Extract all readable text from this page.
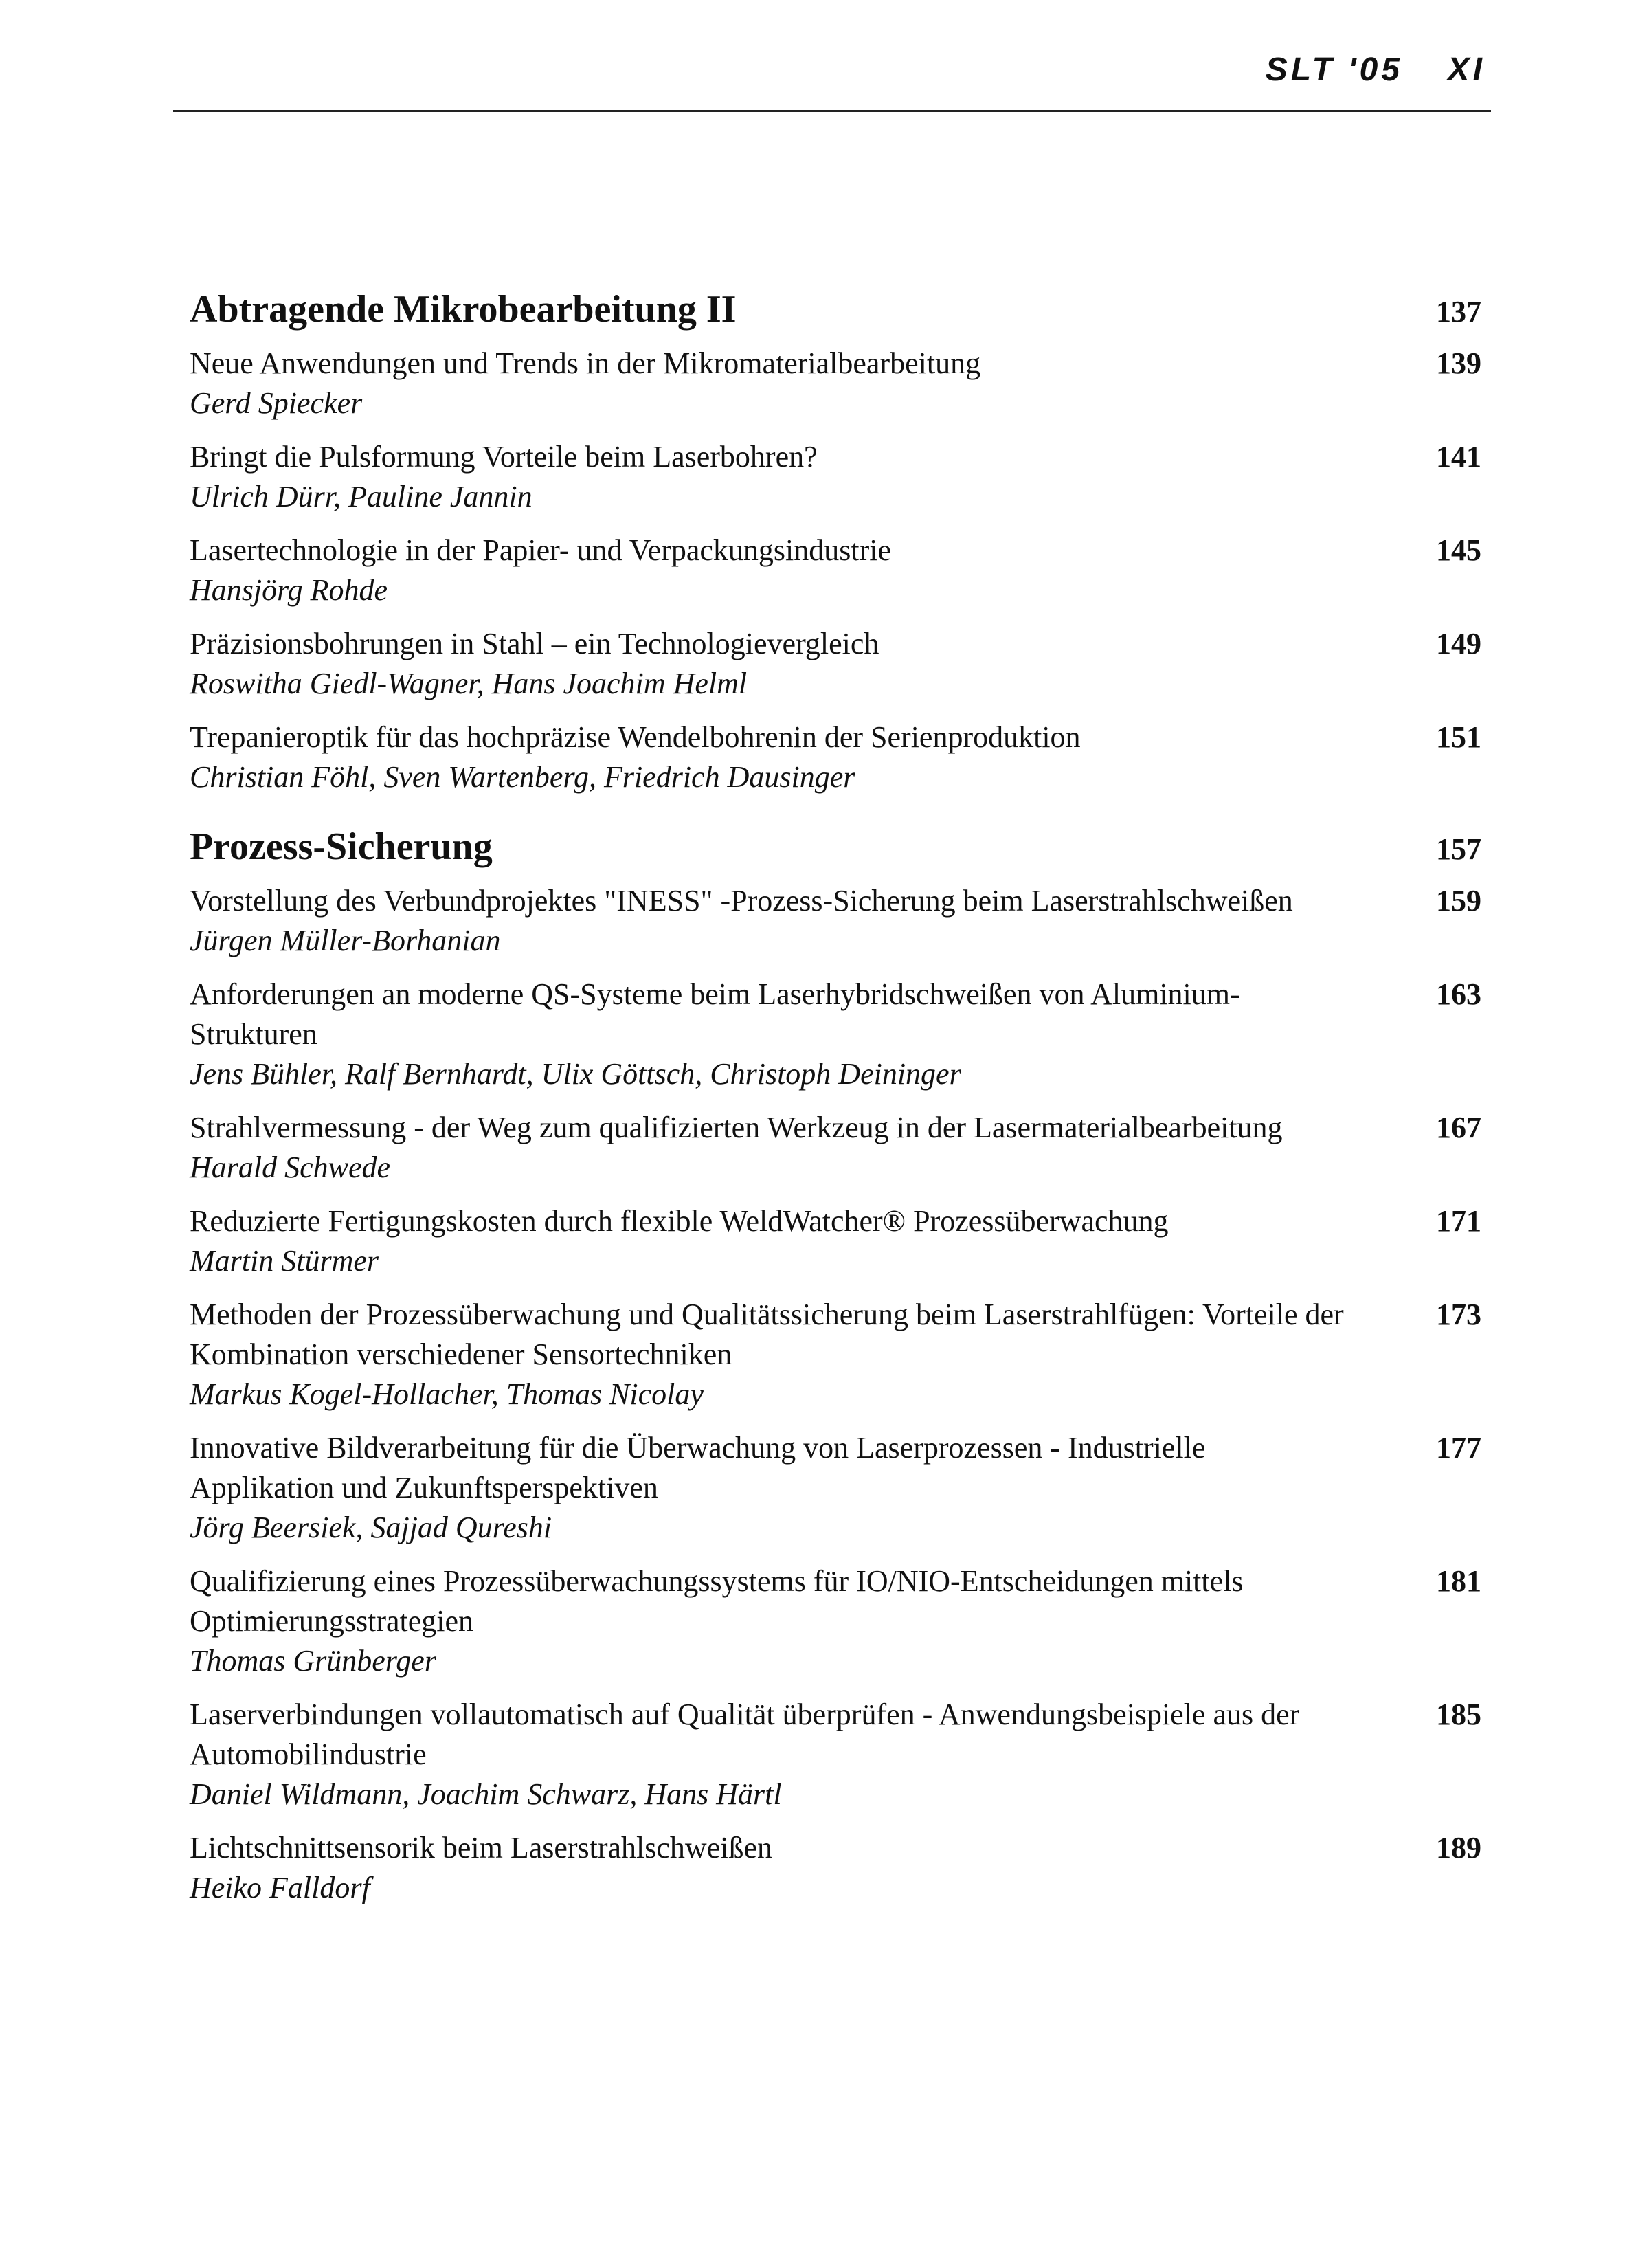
SLT '05 XI
Abtragende Mikrobearbeitung II	137
Neue Anwendungen und Trends in der Mikromaterialbearbeitung
Gerd Spiecker
139
Bringt die Pulsformung Vorteile beim Laserbohren?
Ulrich Dürr, Pauline Jannin
141
Lasertechnologie in der Papier- und Verpackungsindustrie
Hansjörg Rohde
145
Präzisionsbohrungen in Stahl – ein Technologievergleich
Roswitha Giedl-Wagner, Hans Joachim Helml
149
Trepanieroptik für das hochpräzise Wendelbohrenin der Serienproduktion
Christian Föhl, Sven Wartenberg, Friedrich Dausinger
151
Prozess-Sicherung	157
Vorstellung des Verbundprojektes "INESS" -Prozess-Sicherung beim Laserstrahlschweißen
Jürgen Müller-Borhanian
159
Anforderungen an moderne QS-Systeme beim Laserhybridschweißen von Aluminium-Strukturen
Jens Bühler, Ralf Bernhardt, Ulix Göttsch, Christoph Deininger
163
Strahlvermessung - der Weg zum qualifizierten Werkzeug in der Lasermaterialbearbeitung
Harald Schwede
167
Reduzierte Fertigungskosten durch flexible WeldWatcher® Prozessüberwachung
Martin Stürmer
171
Methoden der Prozessüberwachung und Qualitätssicherung beim Laserstrahlfügen: Vorteile der Kombination verschiedener Sensortechniken
Markus Kogel-Hollacher, Thomas Nicolay
173
Innovative Bildverarbeitung für die Überwachung von Laserprozessen - Industrielle Applikation und Zukunftsperspektiven
Jörg Beersiek, Sajjad Qureshi
177
Qualifizierung eines Prozessüberwachungssystems für IO/NIO-Entscheidungen mittels Optimierungsstrategien
Thomas Grünberger
181
Laserverbindungen vollautomatisch auf Qualität überprüfen - Anwendungsbeispiele aus der Automobilindustrie
Daniel Wildmann, Joachim Schwarz, Hans Härtl
185
Lichtschnittsensorik beim Laserstrahlschweißen
Heiko Falldorf
189
